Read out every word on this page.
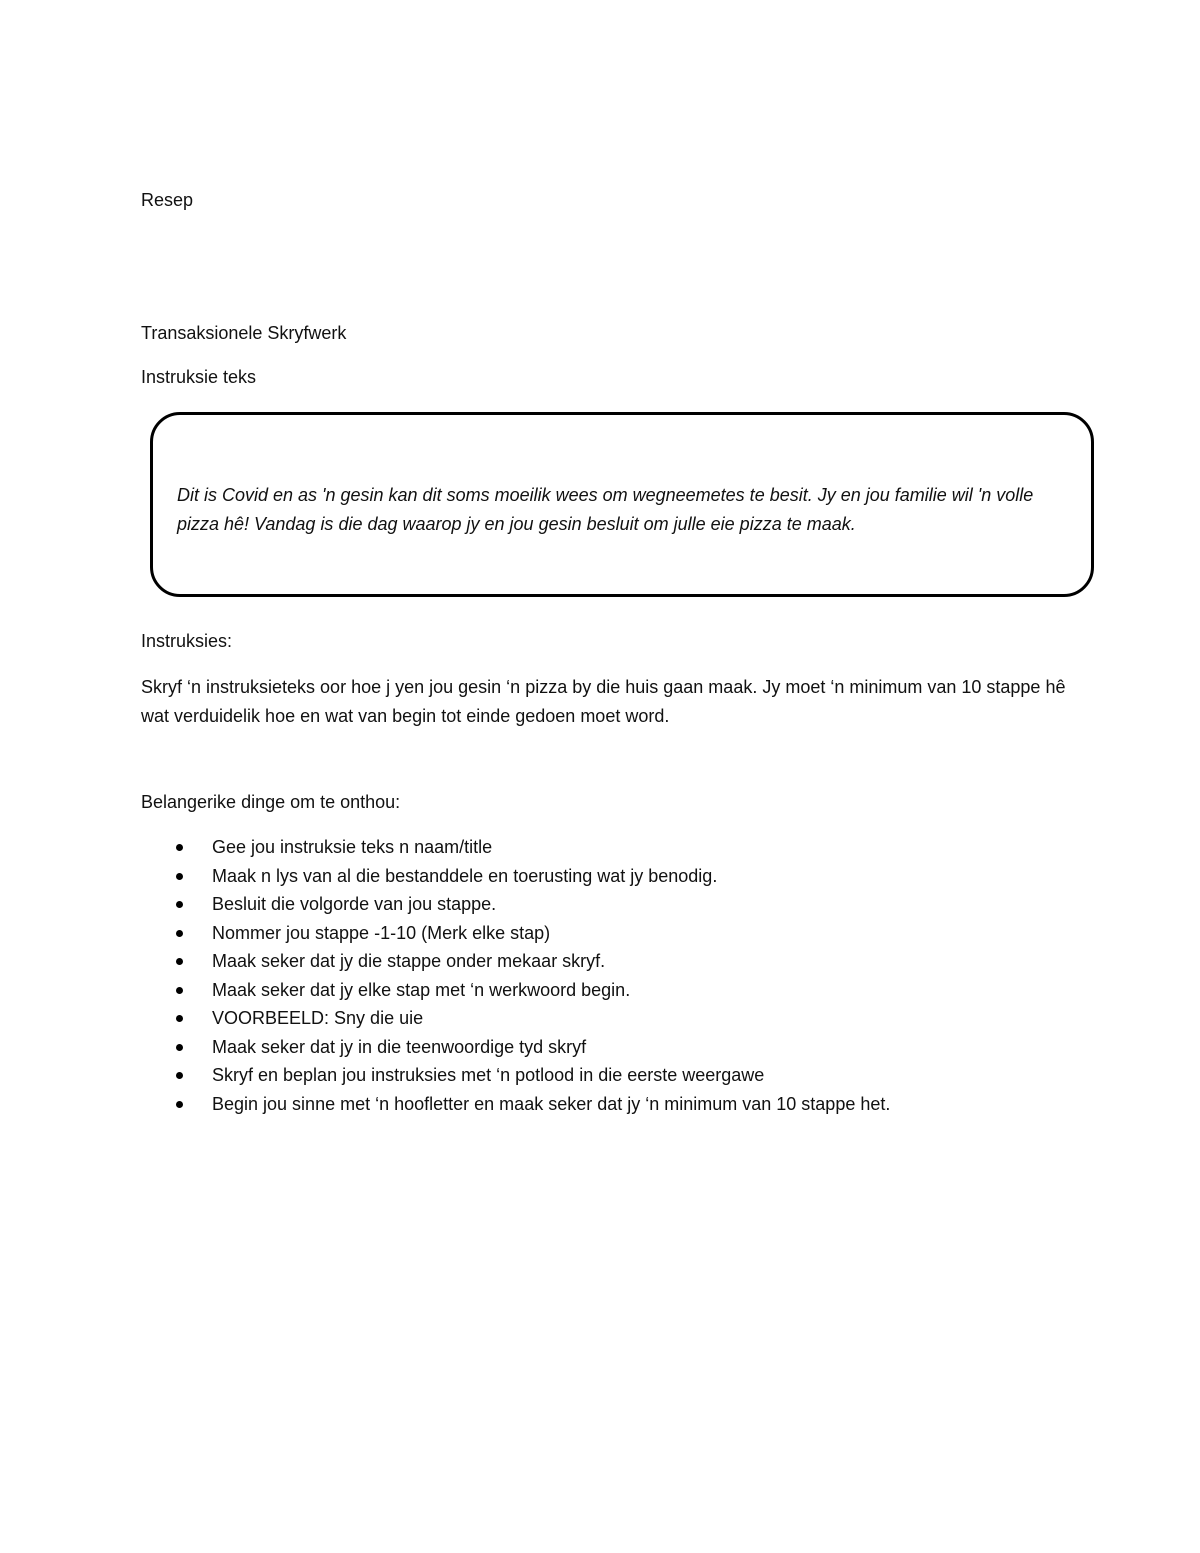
Resep
Transaksionele Skryfwerk
Instruksie teks

Dit is Covid en as 'n gesin kan dit soms moeilik wees om wegneemetes te besit. Jy en jou familie wil 'n volle pizza hê! Vandag is die dag waarop jy en jou gesin besluit om julle eie pizza te maak.

Instruksies:

Skryf ‘n instruksieteks oor hoe j yen jou gesin ‘n pizza by die huis gaan maak. Jy moet ‘n minimum van 10 stappe hê wat verduidelik hoe en wat van begin tot einde gedoen moet word.

Belangerike dinge om te onthou:
Gee jou instruksie teks n naam/title
Maak n lys van al die bestanddele en toerusting wat jy benodig.
Besluit die volgorde van jou stappe.
Nommer jou stappe -1-10 (Merk elke stap)
Maak seker dat jy die stappe onder mekaar skryf.
Maak seker dat jy elke stap met ‘n werkwoord begin.
VOORBEELD: Sny die uie
Maak seker dat jy in die teenwoordige tyd skryf
Skryf en beplan jou instruksies met ‘n potlood in die eerste weergawe
Begin jou sinne met ‘n hoofletter en maak seker dat jy ‘n minimum van 10 stappe het.
